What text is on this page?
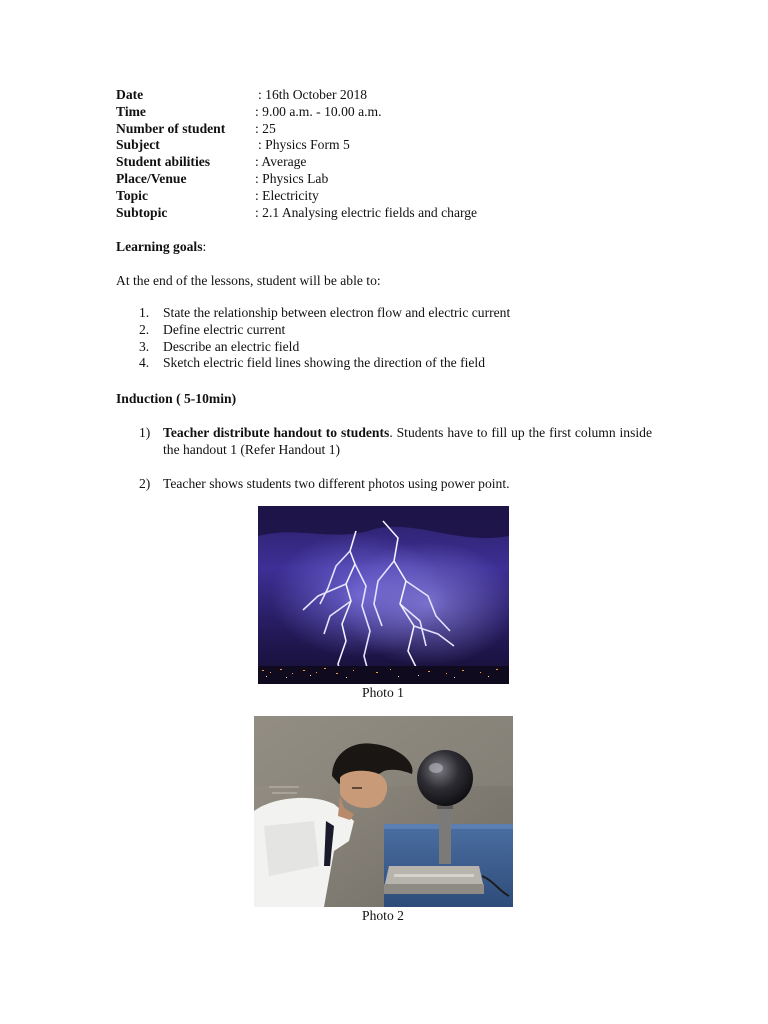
Date	: 16th October 2018
Time	: 9.00 a.m. - 10.00 a.m.
Number of student : 25
Subject	: Physics Form 5
Student abilities	: Average
Place/Venue	: Physics Lab
Topic	: Electricity
Subtopic	: 2.1 Analysing electric fields and charge
Learning goals:
At the end of the lessons, student will be able to:
1. State the relationship between electron flow and electric current
2. Define electric current
3. Describe an electric field
4. Sketch electric field lines showing the direction of the field
Induction ( 5-10min)
1) Teacher distribute handout to students. Students have to fill up the first column inside the handout 1 (Refer Handout 1)
2) Teacher shows students two different photos using power point.
Photo 1
Photo 2
